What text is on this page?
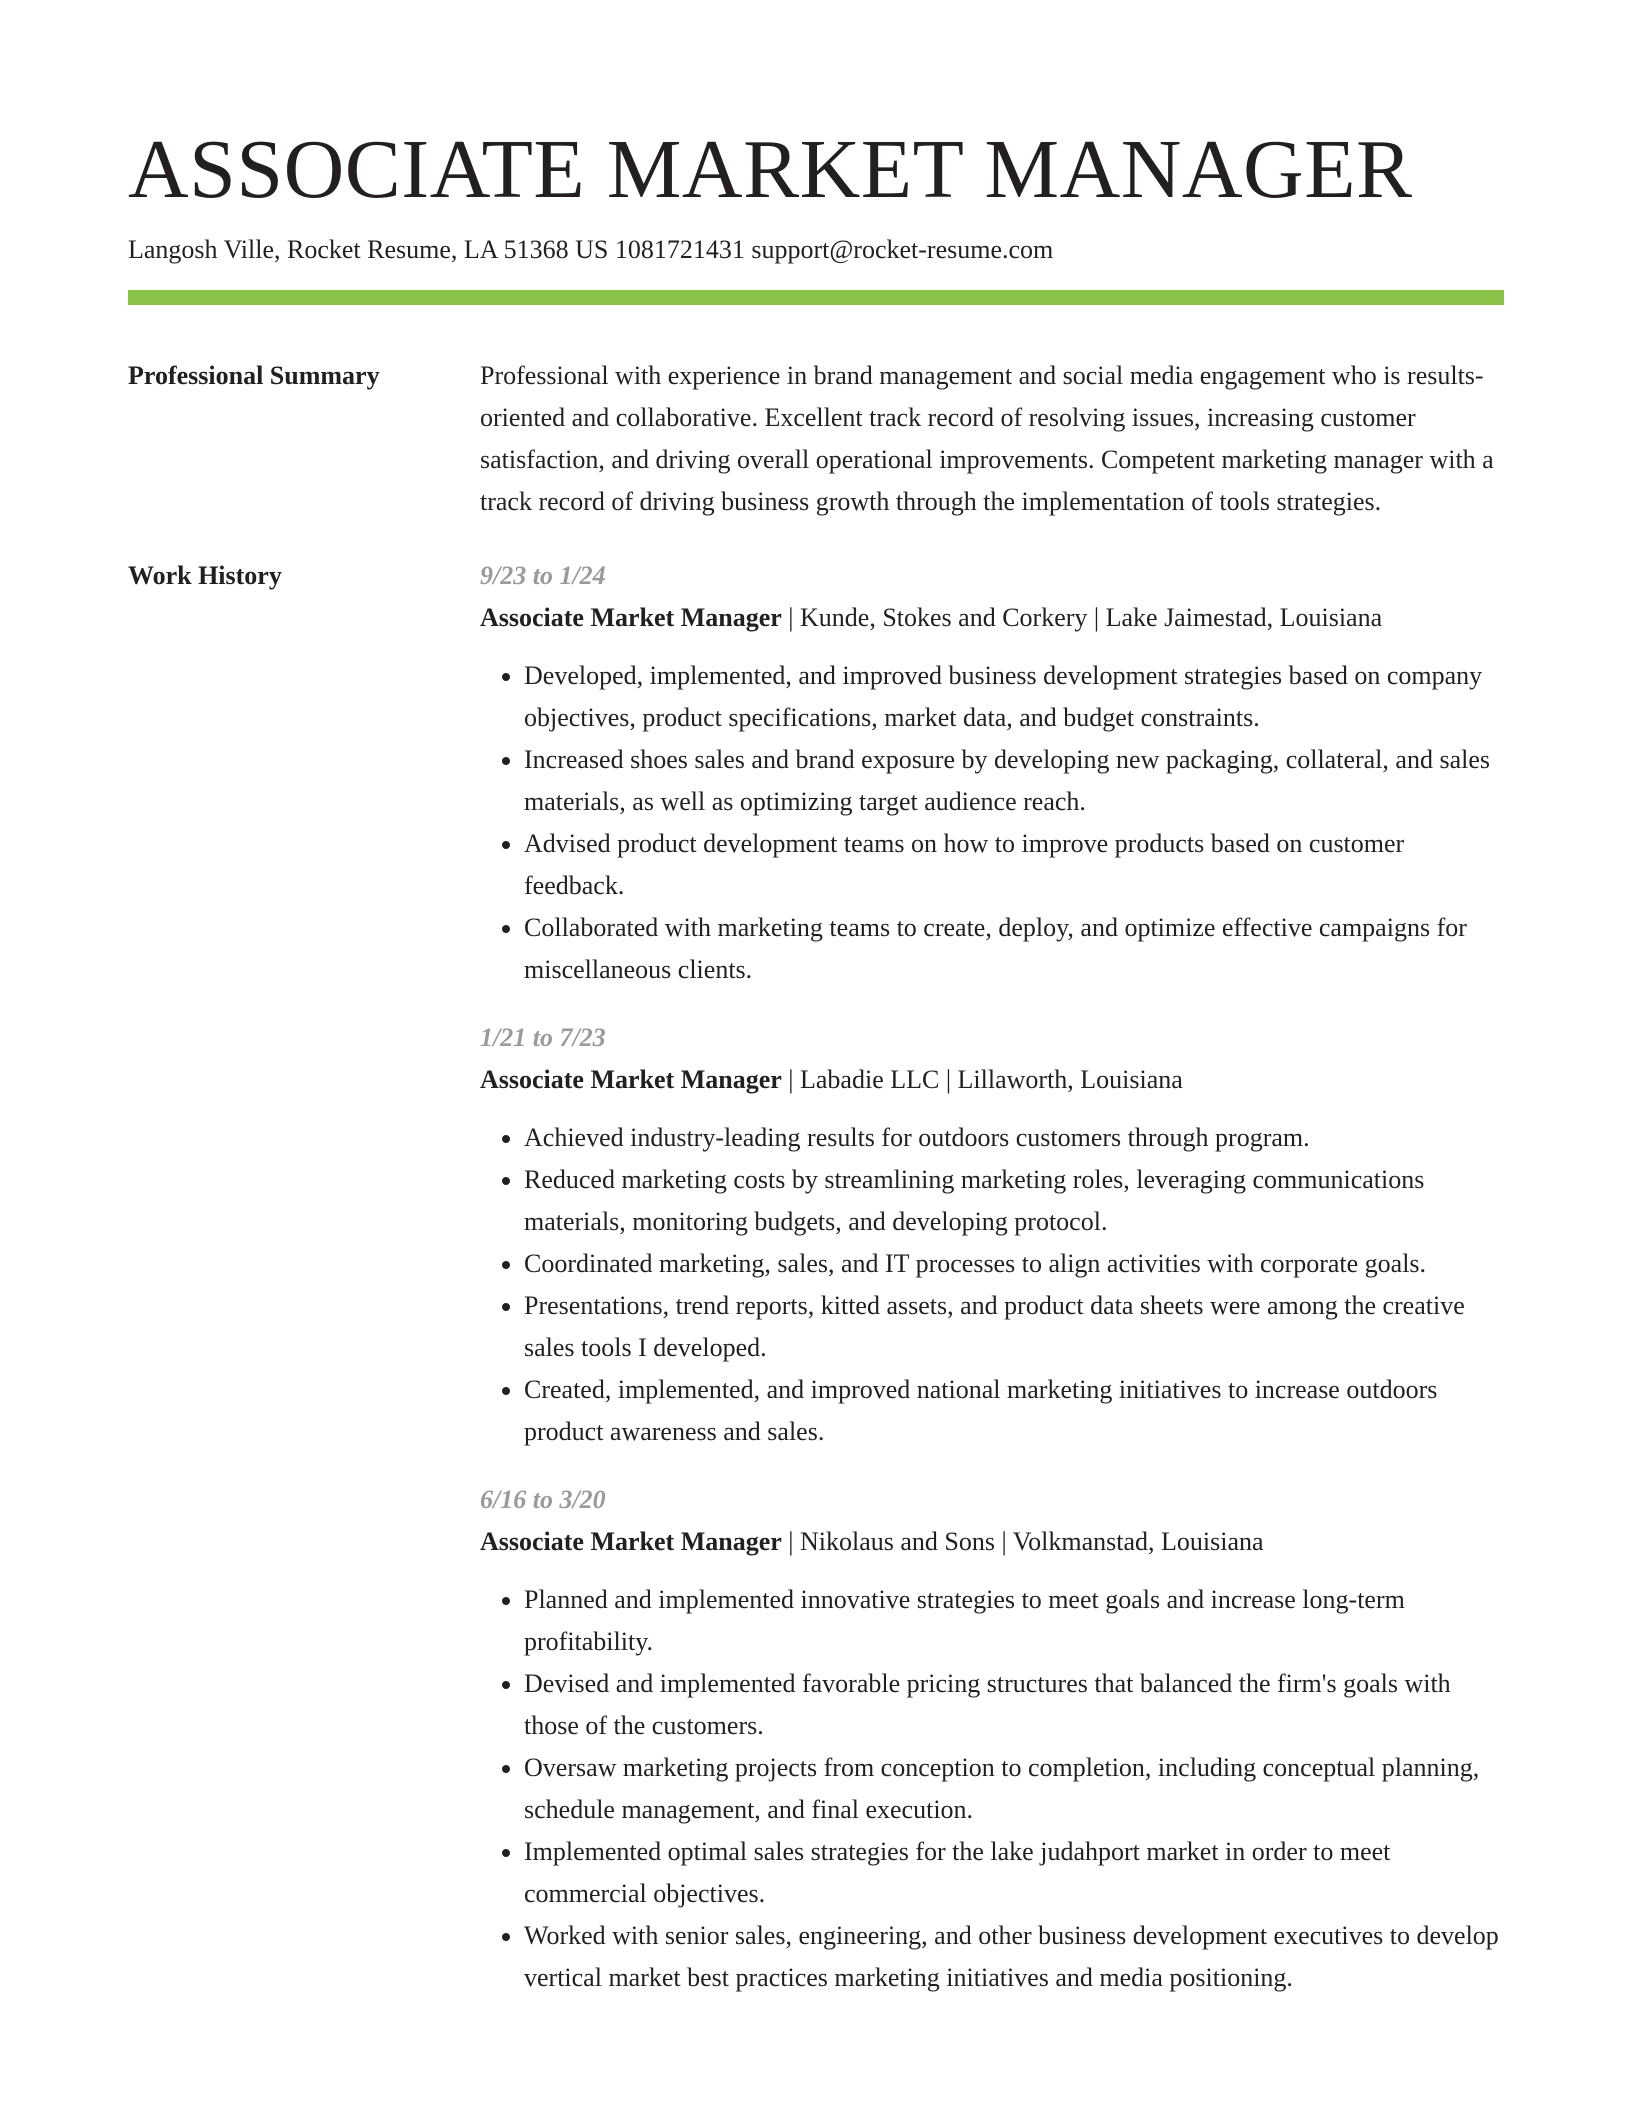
ASSOCIATE MARKET MANAGER
Langosh Ville, Rocket Resume, LA 51368 US 1081721431 support@rocket-resume.com
Professional Summary	Professional with experience in brand management and social media engagement who is results-oriented and collaborative. Excellent track record of resolving issues, increasing customer satisfaction, and driving overall operational improvements. Competent marketing manager with a track record of driving business growth through the implementation of tools strategies.
Work History	9/23 to 1/24
Associate Market Manager | Kunde, Stokes and Corkery | Lake Jaimestad, Louisiana
• Developed, implemented, and improved business development strategies based on company objectives, product specifications, market data, and budget constraints.
• Increased shoes sales and brand exposure by developing new packaging, collateral, and sales materials, as well as optimizing target audience reach.
• Advised product development teams on how to improve products based on customer feedback.
• Collaborated with marketing teams to create, deploy, and optimize effective campaigns for miscellaneous clients.
1/21 to 7/23
Associate Market Manager | Labadie LLC | Lillaworth, Louisiana
• Achieved industry-leading results for outdoors customers through program.
• Reduced marketing costs by streamlining marketing roles, leveraging communications materials, monitoring budgets, and developing protocol.
• Coordinated marketing, sales, and IT processes to align activities with corporate goals.
• Presentations, trend reports, kitted assets, and product data sheets were among the creative sales tools I developed.
• Created, implemented, and improved national marketing initiatives to increase outdoors product awareness and sales.
6/16 to 3/20
Associate Market Manager | Nikolaus and Sons | Volkmanstad, Louisiana
• Planned and implemented innovative strategies to meet goals and increase long-term profitability.
• Devised and implemented favorable pricing structures that balanced the firm's goals with those of the customers.
• Oversaw marketing projects from conception to completion, including conceptual planning, schedule management, and final execution.
• Implemented optimal sales strategies for the lake judahport market in order to meet commercial objectives.
• Worked with senior sales, engineering, and other business development executives to develop vertical market best practices marketing initiatives and media positioning.
